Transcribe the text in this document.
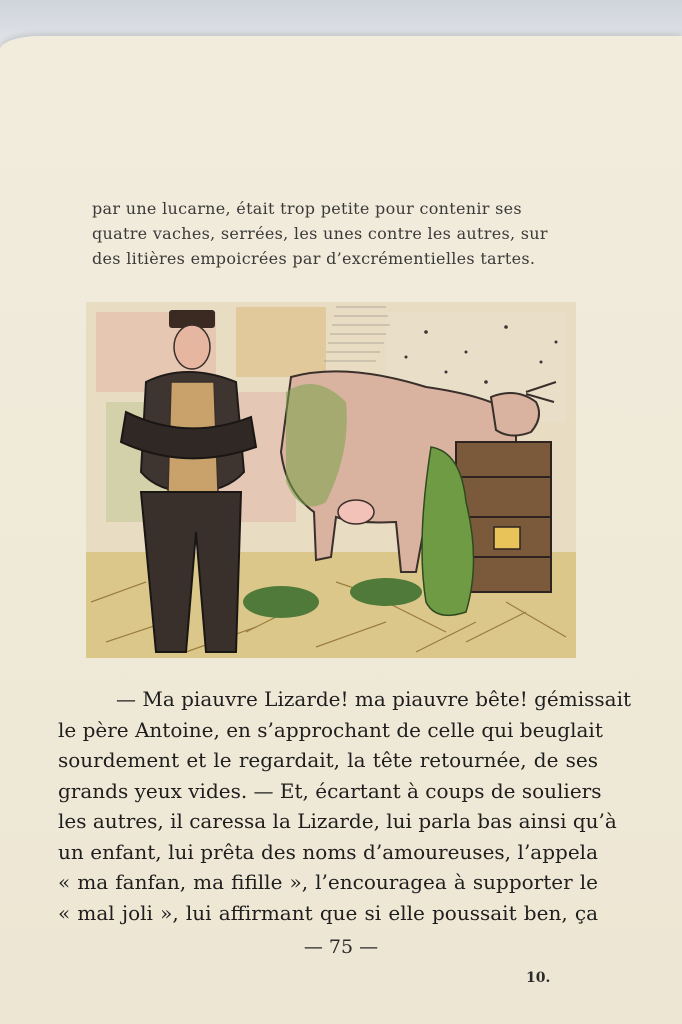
par une lucarne, était trop petite pour contenir ses
quatre vaches, serrées, les unes contre les autres, sur
des litières empoicrées par d’excrémentielles tartes.
— Ma piauvre Lizarde! ma piauvre bête! gémissait
le père Antoine, en s’approchant de celle qui beuglait
sourdement et le regardait, la tête retournée, de ses
grands yeux vides. — Et, écartant à coups de souliers
les autres, il caressa la Lizarde, lui parla bas ainsi qu’à
un enfant, lui prêta des noms d’amoureuses, l’appela
« ma fanfan, ma fifille », l’encouragea à supporter le
« mal joli », lui affirmant que si elle poussait ben, ça
— 75 —
10.
